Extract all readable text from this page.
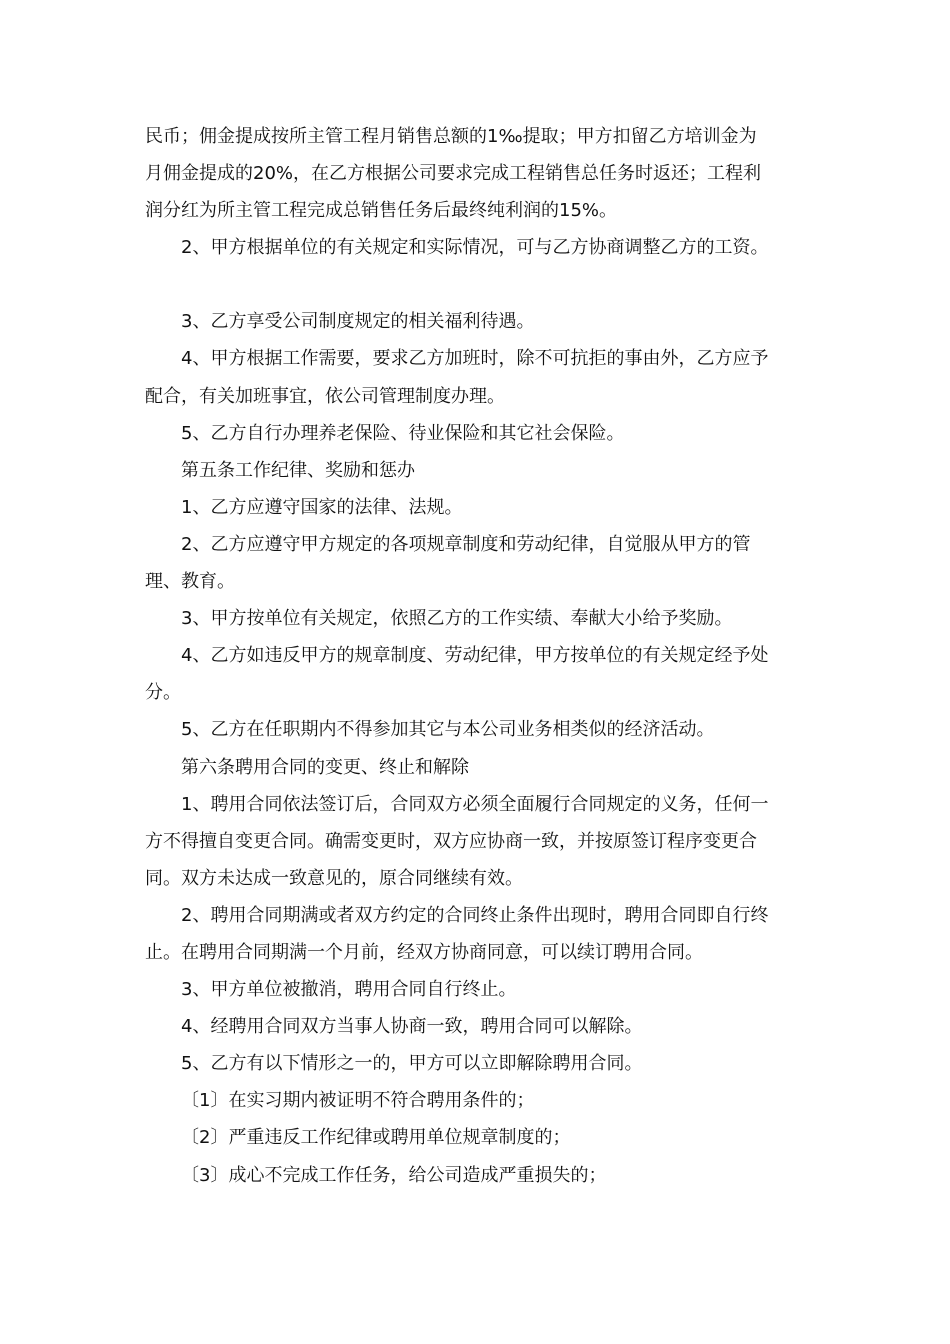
民币；佣金提成按所主管工程月销售总额的1‰提取；甲方扣留乙方培训金为
月佣金提成的20%，在乙方根据公司要求完成工程销售总任务时返还；工程利
润分红为所主管工程完成总销售任务后最终纯利润的15%。

2、甲方根据单位的有关规定和实际情况，可与乙方协商调整乙方的工资。

3、乙方享受公司制度规定的相关福利待遇。

4、甲方根据工作需要，要求乙方加班时，除不可抗拒的事由外，乙方应予
配合，有关加班事宜，依公司管理制度办理。

5、乙方自行办理养老保险、待业保险和其它社会保险。

第五条工作纪律、奖励和惩办

1、乙方应遵守国家的法律、法规。

2、乙方应遵守甲方规定的各项规章制度和劳动纪律，自觉服从甲方的管
理、教育。

3、甲方按单位有关规定，依照乙方的工作实绩、奉献大小给予奖励。

4、乙方如违反甲方的规章制度、劳动纪律，甲方按单位的有关规定经予处
分。

5、乙方在任职期内不得参加其它与本公司业务相类似的经济活动。

第六条聘用合同的变更、终止和解除

1、聘用合同依法签订后，合同双方必须全面履行合同规定的义务，任何一
方不得擅自变更合同。确需变更时，双方应协商一致，并按原签订程序变更合
同。双方未达成一致意见的，原合同继续有效。

2、聘用合同期满或者双方约定的合同终止条件出现时，聘用合同即自行终
止。在聘用合同期满一个月前，经双方协商同意，可以续订聘用合同。

3、甲方单位被撤消，聘用合同自行终止。

4、经聘用合同双方当事人协商一致，聘用合同可以解除。

5、乙方有以下情形之一的，甲方可以立即解除聘用合同。

〔1〕在实习期内被证明不符合聘用条件的；

〔2〕严重违反工作纪律或聘用单位规章制度的；

〔3〕成心不完成工作任务，给公司造成严重损失的；
